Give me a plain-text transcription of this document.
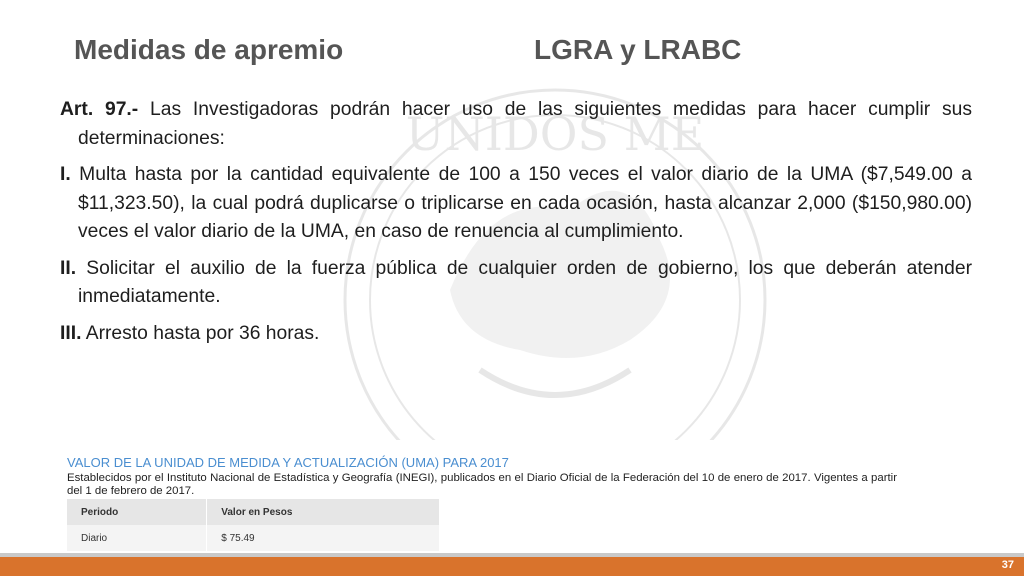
UNIDOS ME
Medidas de apremio	LGRA y LRABC

Art. 97.- Las Investigadoras podrán hacer uso de las siguientes medidas para hacer cumplir sus determinaciones:

I. Multa hasta por la cantidad equivalente de 100 a 150 veces el valor diario de la UMA ($7,549.00 a $11,323.50), la cual podrá duplicarse o triplicarse en cada ocasión, hasta alcanzar 2,000 ($150,980.00) veces el valor diario de la UMA, en caso de renuencia al cumplimiento.

II. Solicitar el auxilio de la fuerza pública de cualquier orden de gobierno, los que deberán atender inmediatamente.

III. Arresto hasta por 36 horas.

VALOR DE LA UNIDAD DE MEDIDA Y ACTUALIZACIÓN (UMA) PARA 2017
Establecidos por el Instituto Nacional de Estadística y Geografía (INEGI), publicados en el Diario Oficial de la Federación del 10 de enero de 2017. Vigentes a partir del 1 de febrero de 2017.
Periodo	Valor en Pesos
Diario	$ 75.49
37
